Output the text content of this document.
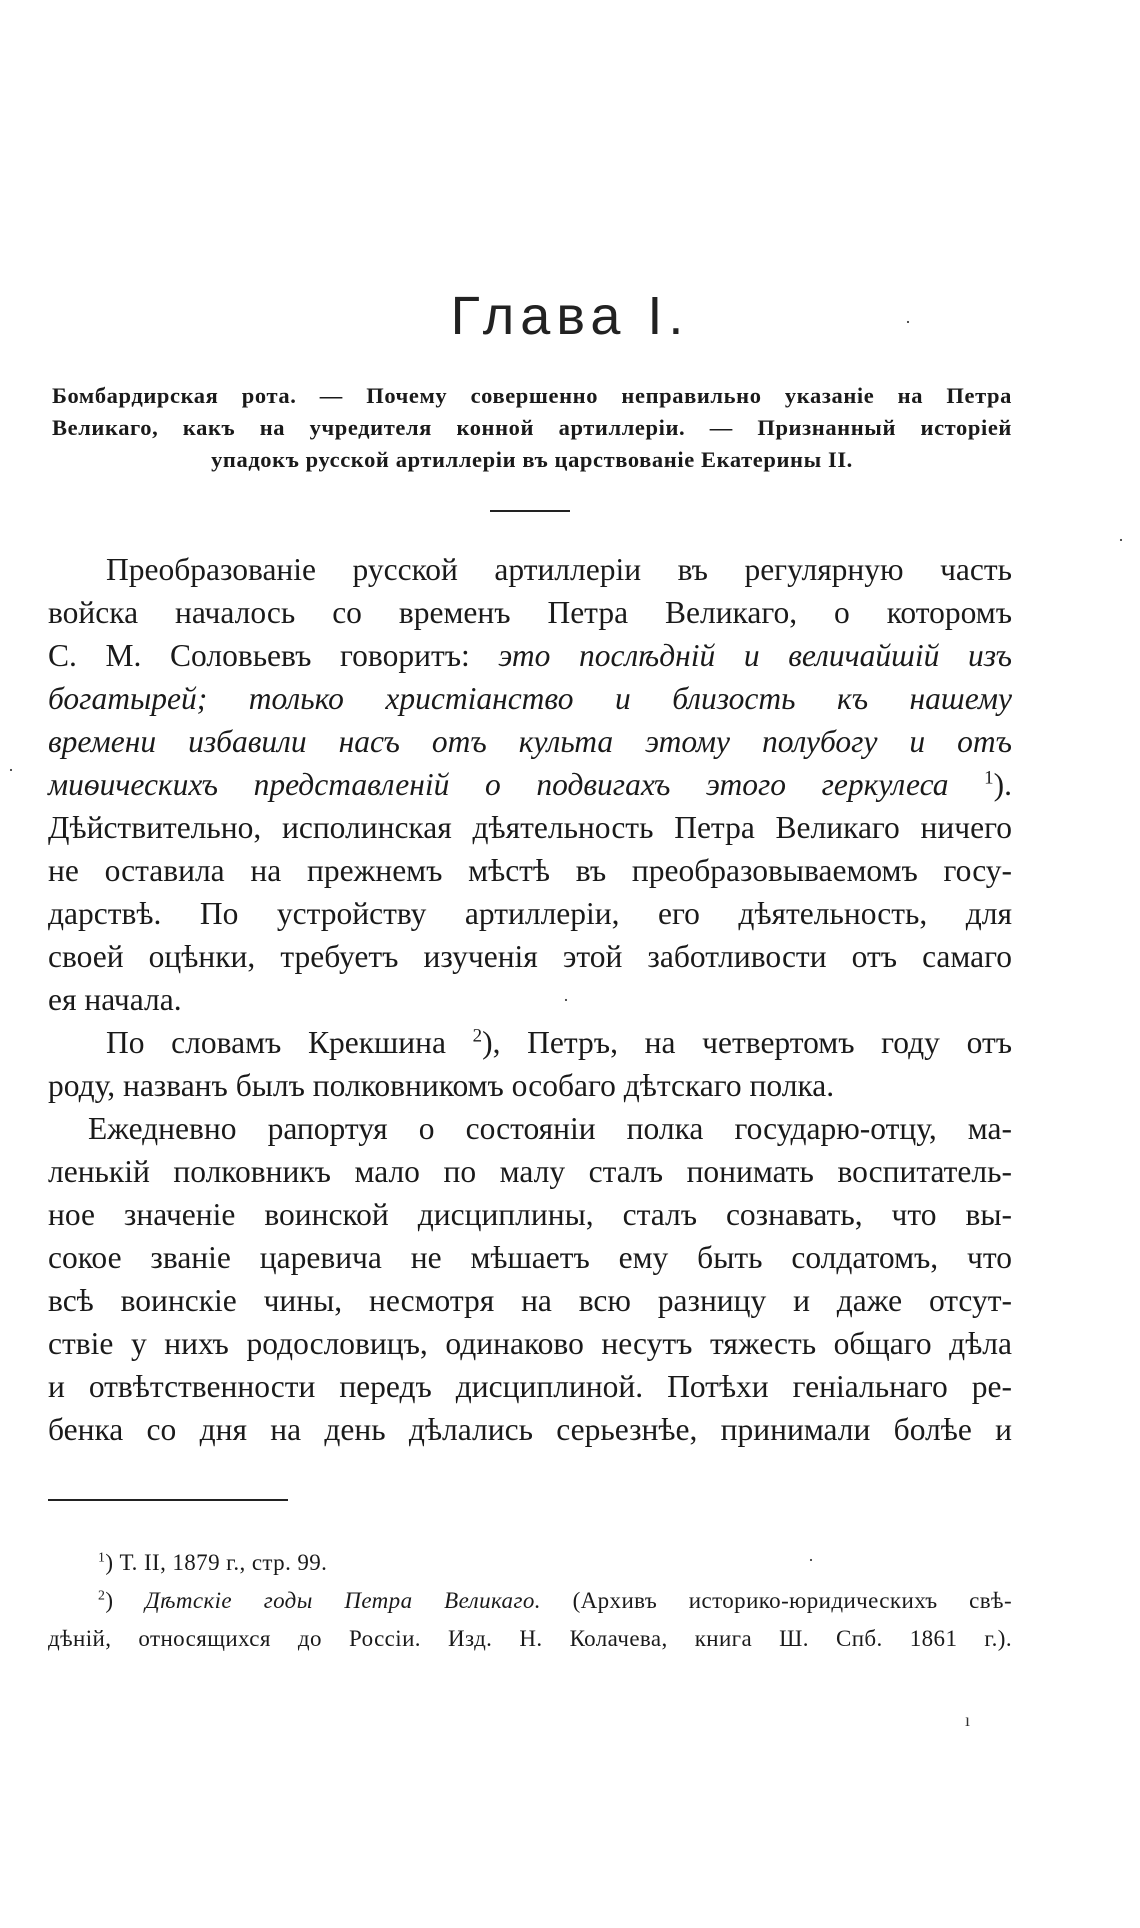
Глава I.
Бомбардирская рота. — Почему совершенно неправильно указаніе на Петра
Великаго, какъ на учредителя конной артиллеріи. — Признанный исторіей
упадокъ русской артиллеріи въ царствованіе Екатерины II.
Преобразованіе русской артиллеріи въ регулярную часть
войска началось со временъ Петра Великаго, о которомъ
С. М. Соловьевъ говоритъ: это послѣдній и величайшій изъ
богатырей; только христіанство и близость къ нашему
времени избавили насъ отъ культа этому полубогу и отъ
миѳическихъ представленій о подвигахъ этого геркулеса $^1$).
Дѣйствительно, исполинская дѣятельность Петра Великаго ничего
не оставила на прежнемъ мѣстѣ въ преобразовываемомъ госу-
дарствѣ. По устройству артиллеріи, его дѣятельность, для
своей оцѣнки, требуетъ изученія этой заботливости отъ самаго
ея начала.
По словамъ Крекшина $^2$), Петръ, на четвертомъ году отъ
роду, названъ былъ полковникомъ особаго дѣтскаго полка.
Ежедневно рапортуя о состояніи полка государю-отцу, ма-
ленькій полковникъ мало по малу сталъ понимать воспитатель-
ное значеніе воинской дисциплины, сталъ сознавать, что вы-
сокое званіе царевича не мѣшаетъ ему быть солдатомъ, что
всѣ воинскіе чины, несмотря на всю разницу и даже отсут-
ствіе у нихъ родословицъ, одинаково несутъ тяжесть общаго дѣла
и отвѣтственности передъ дисциплиной. Потѣхи геніальнаго ре-
бенка со дня на день дѣлались серьезнѣе, принимали болѣе и
$^1$) Т. II, 1879 г., стр. 99.
$^2$) Дѣтскіе годы Петра Великаго. (Архивъ историко-юридическихъ свѣ-
дѣній, относящихся до Россіи. Изд. Н. Колачева, книга Ш. Спб. 1861 г.).
·
·
·
·
·
ı
